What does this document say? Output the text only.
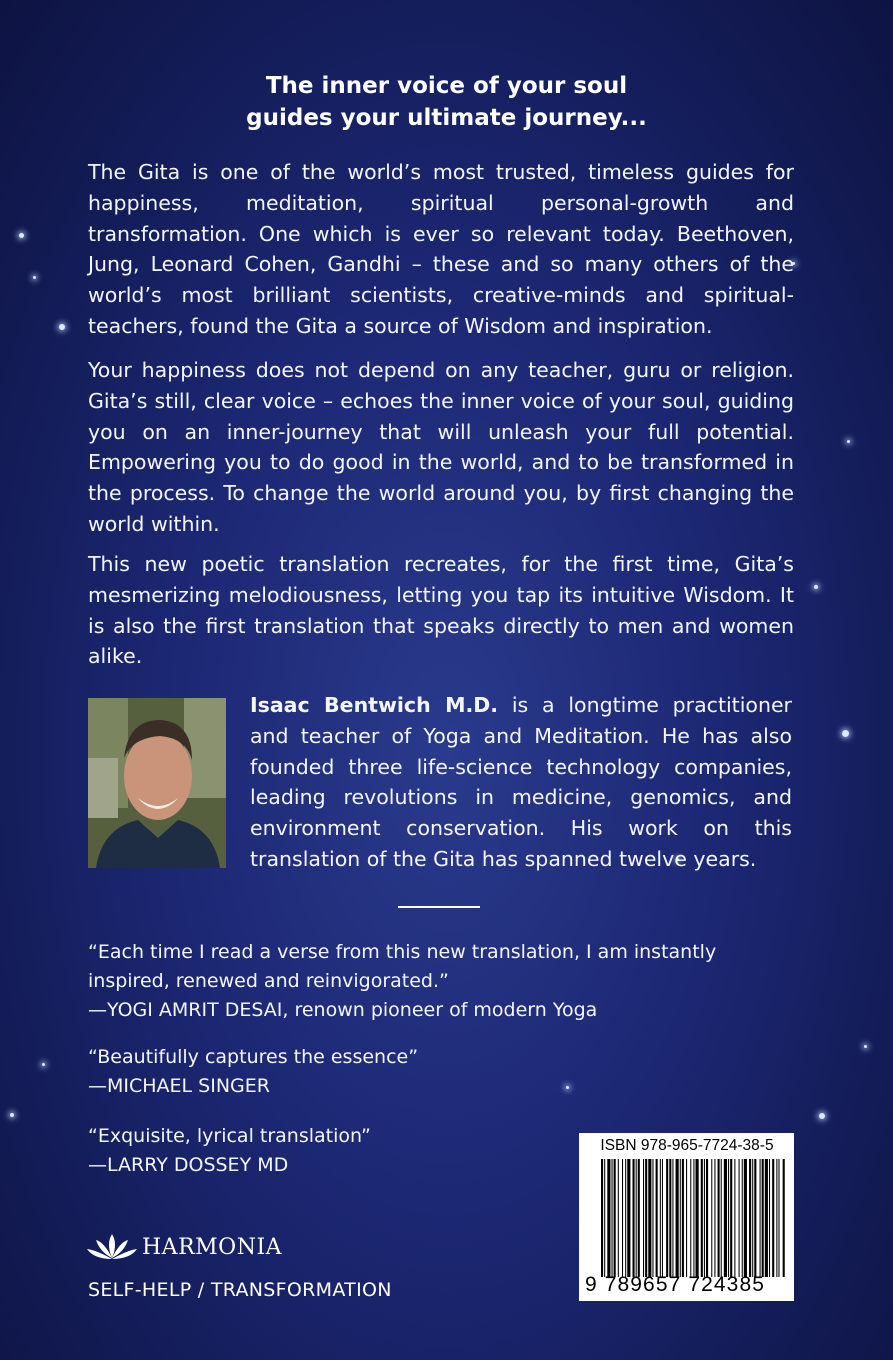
The inner voice of your soul
guides your ultimate journey...
The Gita is one of the world’s most trusted, timeless guides for happiness, meditation, spiritual personal-growth and transformation. One which is ever so relevant today. Beethoven, Jung, Leonard Cohen, Gandhi – these and so many others of the world’s most brilliant scientists, creative-minds and spiritual-teachers, found the Gita a source of Wisdom and inspiration.
Your happiness does not depend on any teacher, guru or religion. Gita’s still, clear voice – echoes the inner voice of your soul, guiding you on an inner-journey that will unleash your full potential. Empowering you to do good in the world, and to be transformed in the process. To change the world around you, by first changing the world within.
This new poetic translation recreates, for the first time, Gita’s mesmerizing melodiousness, letting you tap its intuitive Wisdom. It is also the first translation that speaks directly to men and women alike.
Isaac Bentwich M.D. is a longtime practitioner and teacher of Yoga and Meditation. He has also founded three life-science technology companies, leading revolutions in medicine, genomics, and environment conservation. His work on this translation of the Gita has spanned twelve years.
“Each time I read a verse from this new translation, I am instantly inspired, renewed and reinvigorated.”
—YOGI AMRIT DESAI, renown pioneer of modern Yoga
“Beautifully captures the essence”
—MICHAEL SINGER
“Exquisite, lyrical translation”
—LARRY DOSSEY MD
HARMONIA
SELF-HELP / TRANSFORMATION
ISBN 978-965-7724-38-5
9 789657 724385
